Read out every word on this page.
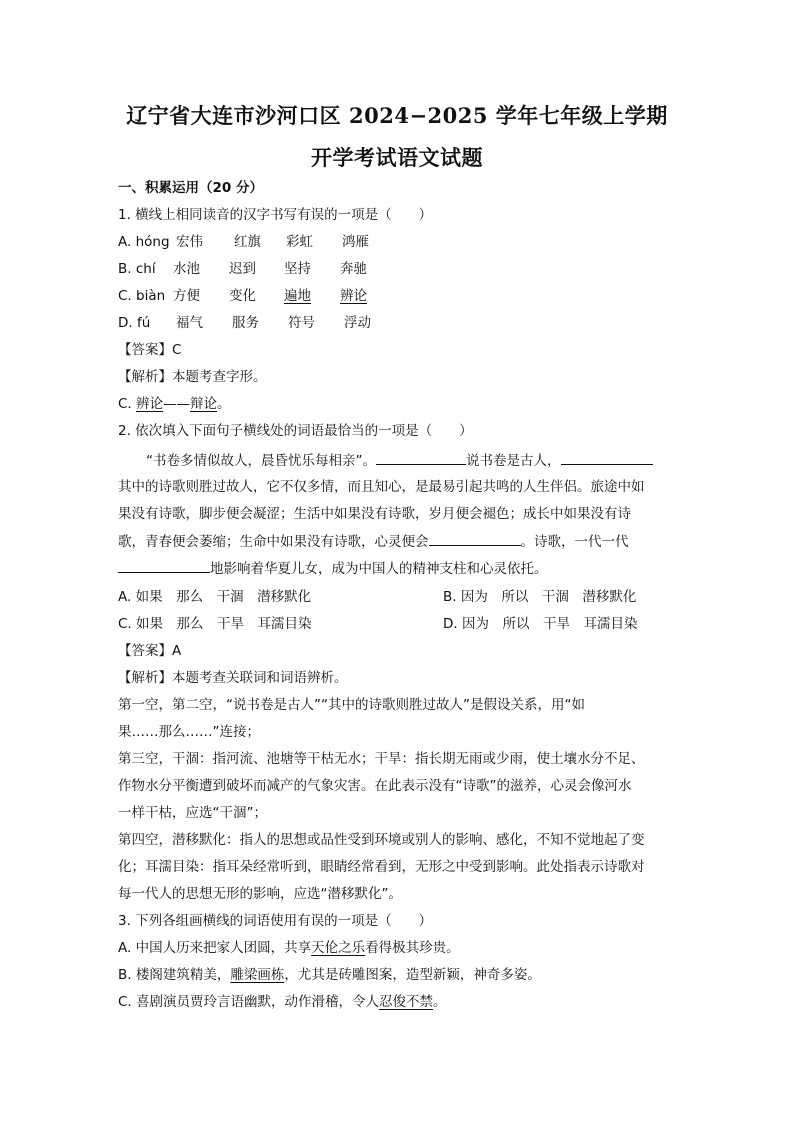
辽宁省大连市沙河口区 2024−2025 学年七年级上学期
开学考试语文试题
一、积累运用（20 分）
1. 横线上相同读音的汉字书写有误的一项是（　　）
A. hóng 宏伟 红旗 彩虹 鸿雁
B. chí 水池 迟到 坚持 奔驰
C. biàn 方便 变化 遍地 辨论
D. fú 福气 服务 符号 浮动
【答案】C
【解析】本题考查字形。
C. 辨论——辩论。
2. 依次填入下面句子横线处的词语最恰当的一项是（　　）
“书卷多情似故人，晨昏忧乐每相亲”。	说书卷是古人，
其中的诗歌则胜过故人，它不仅多情，而且知心，是最易引起共鸣的人生伴侣。旅途中如
果没有诗歌，脚步便会凝涩；生活中如果没有诗歌，岁月便会褪色；成长中如果没有诗
歌，青春便会萎缩；生命中如果没有诗歌，心灵便会	。诗歌，一代一代
地影响着华夏儿女，成为中国人的精神支柱和心灵依托。
A. 如果　那么　干涸　潜移默化	B. 因为　所以　干涸　潜移默化
C. 如果　那么　干旱　耳濡目染	D. 因为　所以　干旱　耳濡目染
【答案】A
【解析】本题考查关联词和词语辨析。
第一空，第二空，“说书卷是古人”“其中的诗歌则胜过故人”是假设关系，用“如
果……那么……”连接；
第三空，干涸：指河流、池塘等干枯无水；干旱：指长期无雨或少雨，使土壤水分不足、
作物水分平衡遭到破坏而减产的气象灾害。在此表示没有“诗歌”的滋养，心灵会像河水
一样干枯，应选“干涸”；
第四空，潜移默化：指人的思想或品性受到环境或别人的影响、感化，不知不觉地起了变
化；耳濡目染：指耳朵经常听到，眼睛经常看到，无形之中受到影响。此处指表示诗歌对
每一代人的思想无形的影响，应选“潜移默化”。
3. 下列各组画横线的词语使用有误的一项是（　　）
A. 中国人历来把家人团圆，共享天伦之乐看得极其珍贵。
B. 楼阁建筑精美，雕梁画栋，尤其是砖雕图案，造型新颖，神奇多姿。
C. 喜剧演员贾玲言语幽默，动作滑稽，令人忍俊不禁。
